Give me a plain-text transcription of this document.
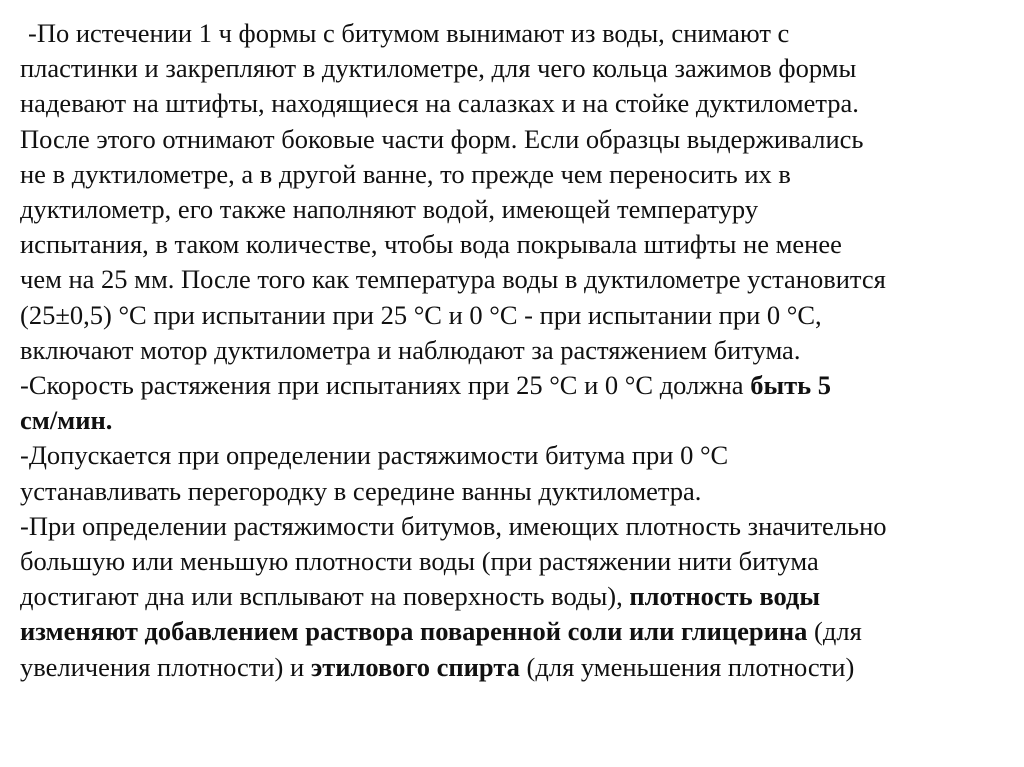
-По истечении 1 ч формы с битумом вынимают из воды, снимают с
пластинки и закрепляют в дуктилометре, для чего кольца зажимов формы
надевают на штифты, находящиеся на салазках и на стойке дуктилометра.
После этого отнимают боковые части форм. Если образцы выдерживались
не в дуктилометре, а в другой ванне, то прежде чем переносить их в
дуктилометр, его также наполняют водой, имеющей температуру
испытания, в таком количестве, чтобы вода покрывала штифты не менее
чем на 25 мм. После того как температура воды в дуктилометре установится
(25±0,5) °С при испытании при 25 °С и 0 °С - при испытании при 0 °С,
включают мотор дуктилометра и наблюдают за растяжением битума.
-Скорость растяжения при испытаниях при 25 °С и 0 °С должна быть 5
см/мин.
-Допускается при определении растяжимости битума при 0 °С
устанавливать перегородку в середине ванны дуктилометра.
-При определении растяжимости битумов, имеющих плотность значительно
большую или меньшую плотности воды (при растяжении нити битума
достигают дна или всплывают на поверхность воды), плотность воды
изменяют добавлением раствора поваренной соли или глицерина (для
увеличения плотности) и этилового спирта (для уменьшения плотности)
